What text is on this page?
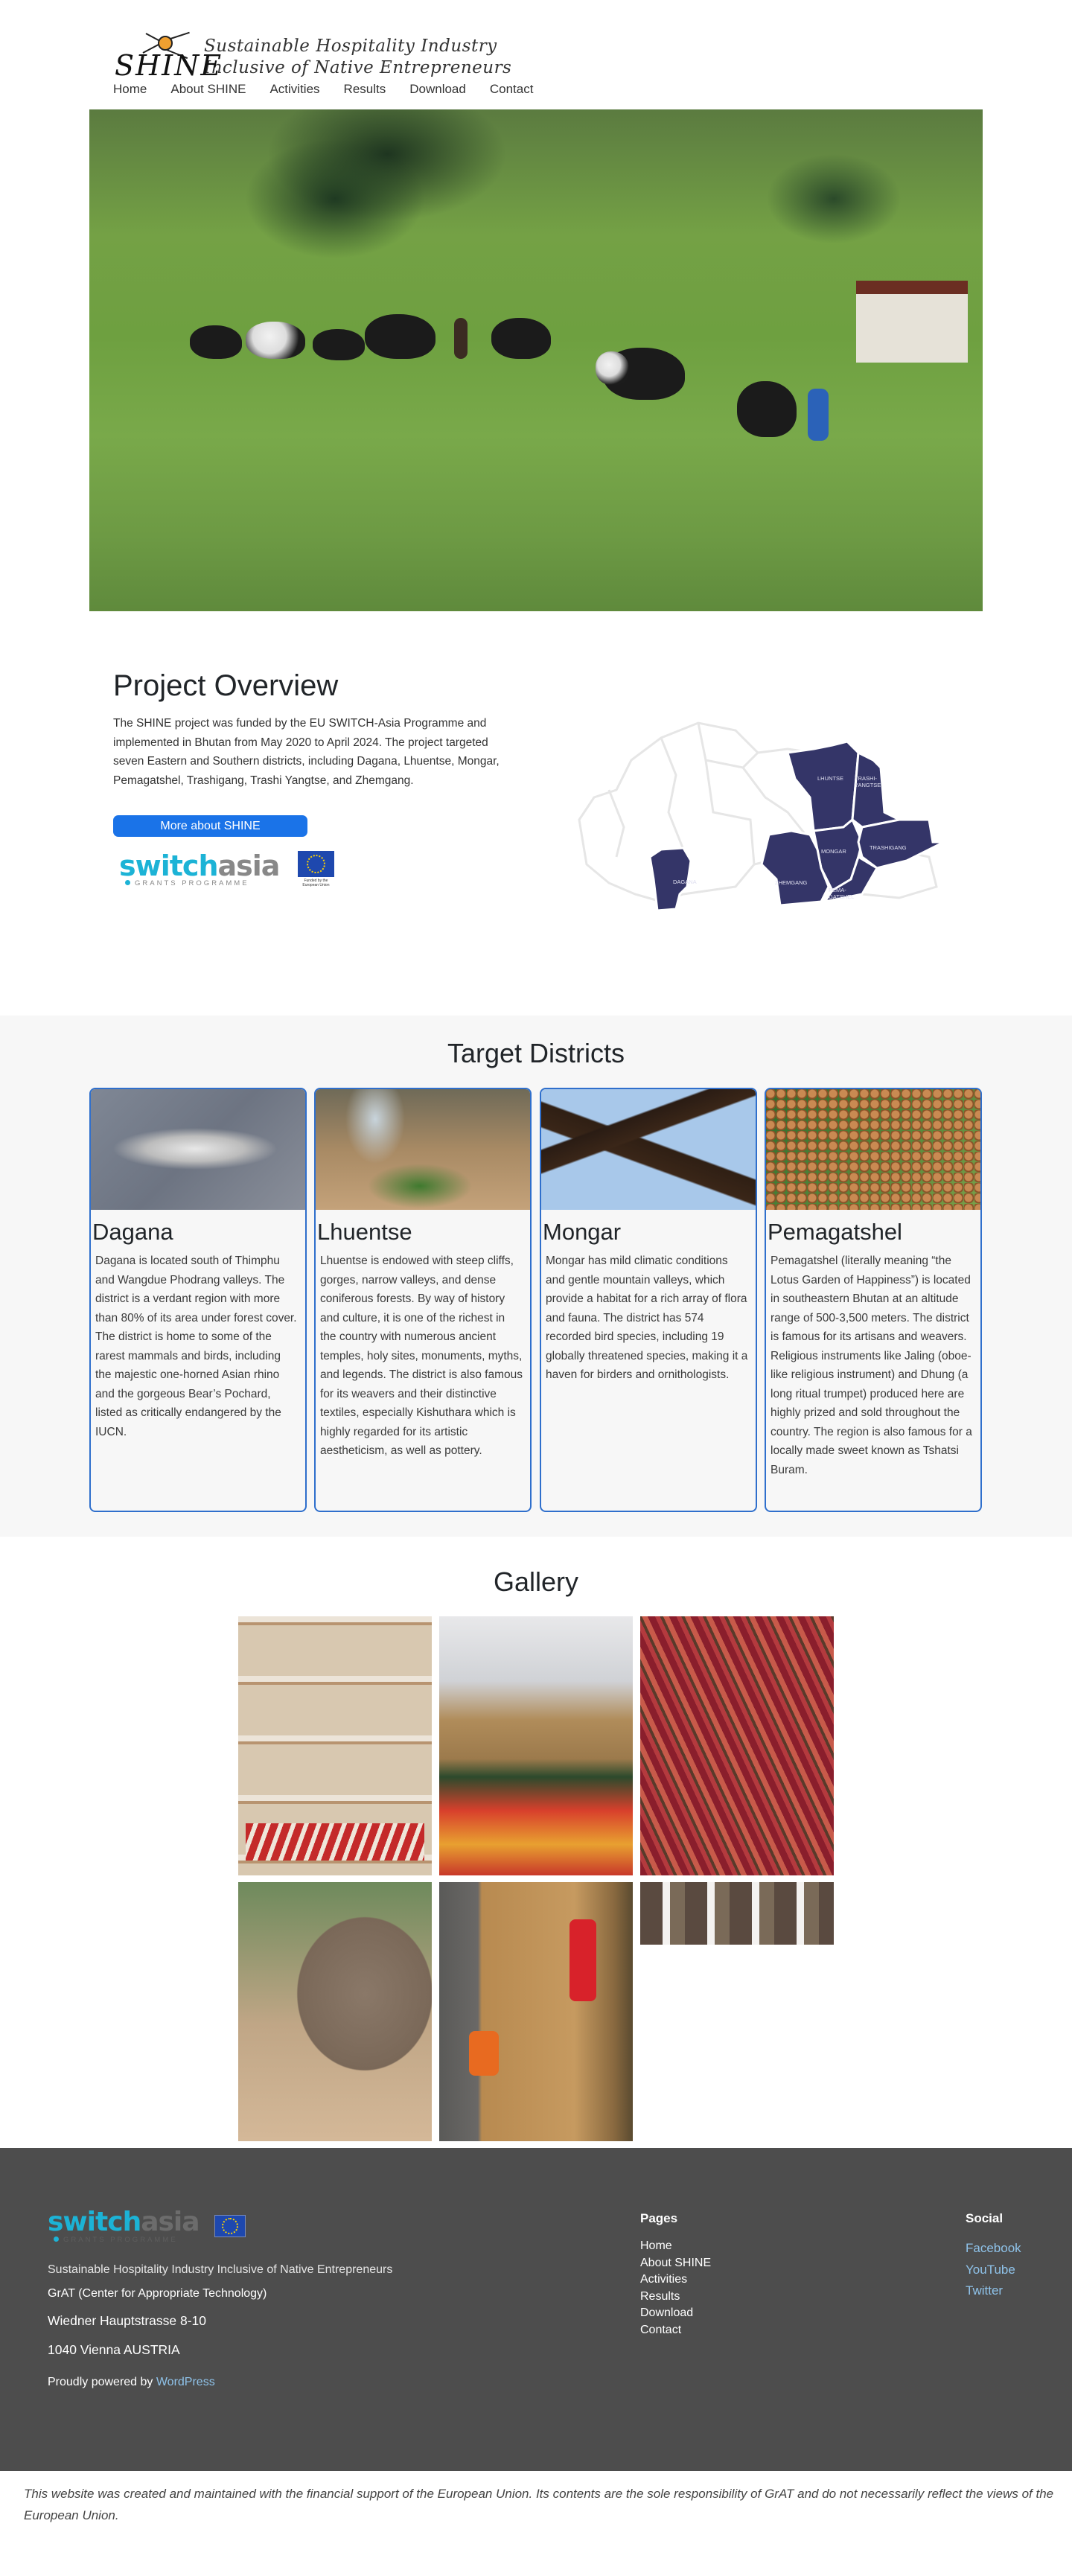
SHINE
Sustainable Hospitality Industry
Inclusive of Native Entrepreneurs
Home About SHINE Activities Results Download Contact
Project Overview

The SHINE project was funded by the EU SWITCH-Asia Programme and implemented in Bhutan from May 2020 to April 2024. The project targeted seven Eastern and Southern districts, including Dagana, Lhuentse, Mongar, Pemagatshel, Trashigang, Trashi Yangtse, and Zhemgang.

More about SHINE
switchasia
GRANTS PROGRAMME	Funded by the European Union
LHUNTSE TRASHI-
YANGTSE
MONGAR
TRASHIGANG
ZHEMGANG
PEMA-
GATSHEL
DAGANA
Target Districts
Dagana

Dagana is located south of Thimphu and Wangdue Phodrang valleys. The district is a verdant region with more than 80% of its area under forest cover. The district is home to some of the rarest mammals and birds, including the majestic one-horned Asian rhino and the gorgeous Bear’s Pochard, listed as critically endangered by the IUCN.

Lhuentse

Lhuentse is endowed with steep cliffs, gorges, narrow valleys, and dense coniferous forests. By way of history and culture, it is one of the richest in the country with numerous ancient temples, holy sites, monuments, myths, and legends. The district is also famous for its weavers and their distinctive textiles, especially Kishuthara which is highly regarded for its artistic aestheticism, as well as pottery.

Mongar

Mongar has mild climatic conditions and gentle mountain valleys, which provide a habitat for a rich array of flora and fauna. The district has 574 recorded bird species, including 19 globally threatened species, making it a haven for birders and ornithologists.

Pemagatshel

Pemagatshel (literally meaning “the Lotus Garden of Happiness”) is located in southeastern Bhutan at an altitude range of 500-3,500 meters. The district is famous for its artisans and weavers. Religious instruments like Jaling (oboe-like religious instrument) and Dhung (a long ritual trumpet) produced here are highly prized and sold throughout the country. The region is also famous for a locally made sweet known as Tshatsi Buram.

Gallery
switchasia
GRANTS PROGRAMME
Sustainable Hospitality Industry Inclusive of Native Entrepreneurs
GrAT (Center for Appropriate Technology)
Wiedner Hauptstrasse 8-10
1040 Vienna AUSTRIA
Proudly powered by WordPress
Pages
Home
About SHINE
Activities
Results
Download
Contact
Social
Facebook
YouTube
Twitter

This website was created and maintained with the financial support of the European Union. Its contents are the sole responsibility of GrAT and do not necessarily reflect the views of the European Union.
